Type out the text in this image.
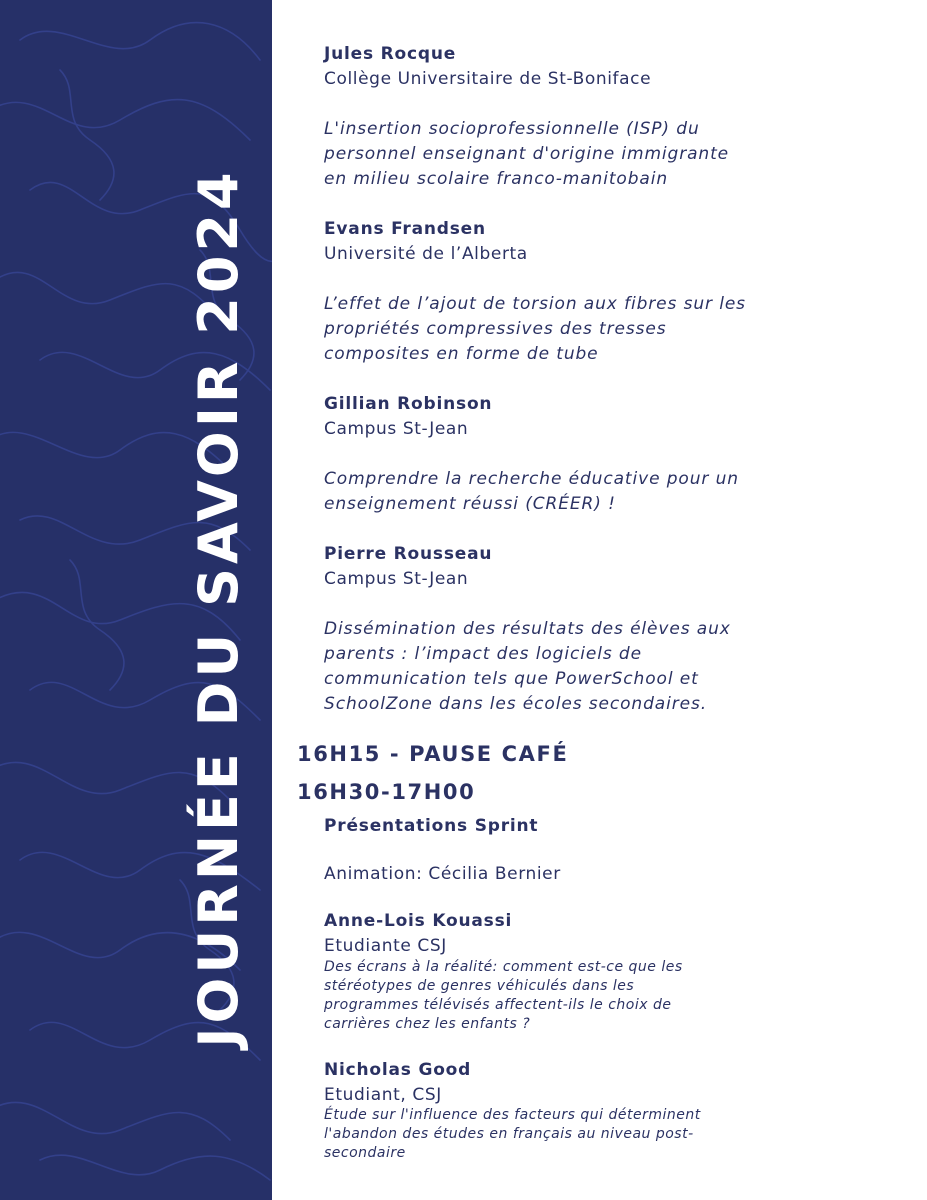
JOURNÉE DU SAVOIR 2024
Jules Rocque
Collège Universitaire de St-Boniface
L'insertion socioprofessionnelle (ISP) du
personnel enseignant d'origine immigrante
en milieu scolaire franco-manitobain
Evans Frandsen
Université de l’Alberta
L’effet de l’ajout de torsion aux fibres sur les
propriétés compressives des tresses
composites en forme de tube
Gillian Robinson
Campus St-Jean
Comprendre la recherche éducative pour un
enseignement réussi (CRÉER) !
Pierre Rousseau
Campus St-Jean
Dissémination des résultats des élèves aux
parents : l’impact des logiciels de
communication tels que PowerSchool et
SchoolZone dans les écoles secondaires.
16H15 - PAUSE CAFÉ
16H30-17H00
Présentations Sprint
Animation: Cécilia Bernier
Anne-Lois Kouassi
Etudiante CSJ
Des écrans à la réalité: comment est-ce que les
stéréotypes de genres véhiculés dans les
programmes télévisés affectent-ils le choix de
carrières chez les enfants ?
Nicholas Good
Etudiant, CSJ
Étude sur l'influence des facteurs qui déterminent
l'abandon des études en français au niveau post-
secondaire
